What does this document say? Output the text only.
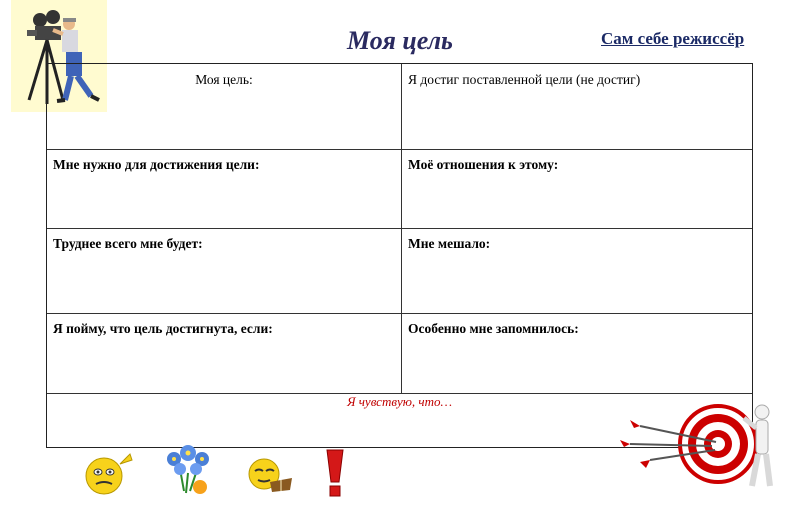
Моя цель	Сам себе режиссёр
Моя цель:	Я достиг поставленной цели (не достиг)
Мне нужно для достижения цели:	Моё отношения к этому:
Труднее всего мне будет:	Мне мешало:
Я пойму, что цель достигнута, если:	Особенно мне запомнилось:
Я чувствую, что…
